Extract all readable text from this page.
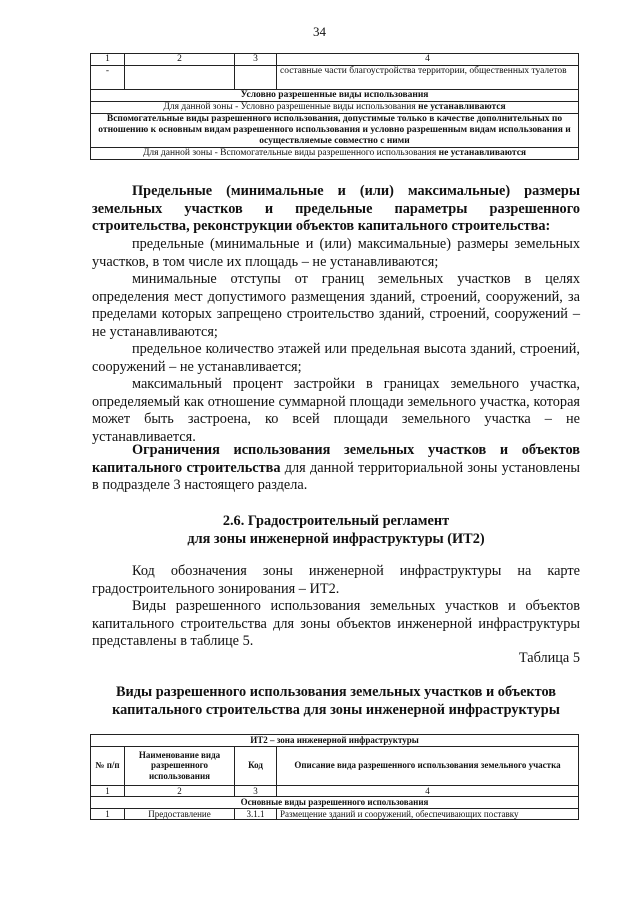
34
1	2	3	4
-			составные части благоустройства территории, общественных туалетов
Условно разрешенные виды использования			
Для данной зоны - Условно разрешенные виды использования не устанавливаются			
Вспомогательные виды разрешенного использования, допустимые только в качестве дополнительных по отношению к основным видам разрешенного использования и условно разрешенным видам использования и осуществляемые совместно с ними			
Для данной зоны - Вспомогательные виды разрешенного использования не устанавливаются			

Предельные (минимальные и (или) максимальные) размеры земельных участков и предельные параметры разрешенного строительства, реконструкции объектов капитального строительства:

предельные (минимальные и (или) максимальные) размеры земельных участков, в том числе их площадь – не устанавливаются;

минимальные отступы от границ земельных участков в целях определения мест допустимого размещения зданий, строений, сооружений, за пределами которых запрещено строительство зданий, строений, сооружений – не устанавливаются;

предельное количество этажей или предельная высота зданий, строений, сооружений – не устанавливается;

максимальный процент застройки в границах земельного участка, определяемый как отношение суммарной площади земельного участка, которая может быть застроена, ко всей площади земельного участка – не устанавливается.

Ограничения использования земельных участков и объектов капитального строительства для данной территориальной зоны установлены в подразделе 3 настоящего раздела.

2.6. Градостроительный регламент
для зоны инженерной инфраструктуры (ИТ2)

Код обозначения зоны инженерной инфраструктуры на карте градостроительного зонирования – ИТ2.

Виды разрешенного использования земельных участков и объектов капитального строительства для зоны объектов инженерной инфраструктуры представлены в таблице 5.

Таблица 5

Виды разрешенного использования земельных участков и объектов капитального строительства для зоны инженерной инфраструктуры

ИТ2 – зона инженерной инфраструктуры			
№ п/п	Наименование вида разрешенного использования	Код	Описание вида разрешенного использования земельного участка
1	2	3	4
Основные виды разрешенного использования			
1	Предоставление	3.1.1	Размещение зданий и сооружений, обеспечивающих поставку
